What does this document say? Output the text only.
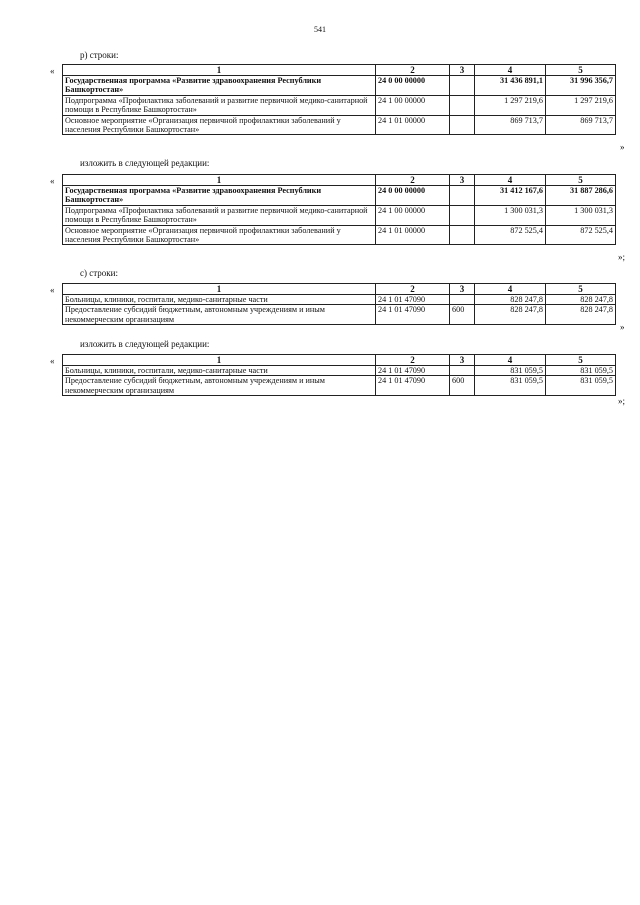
541
р) строки:
«	1	2	3	4	5
Государственная программа «Развитие здравоохранения Республики Башкортостан»	24 0 00 00000		31 436 891,1	31 996 356,7
Подпрограмма «Профилактика заболеваний и развитие первичной медико-санитарной помощи в Республике Башкортостан»	24 1 00 00000		1 297 219,6	1 297 219,6
Основное мероприятие «Организация первичной профилактики заболеваний у населения Республики Башкортостан»	24 1 01 00000		869 713,7	869 713,7
»
изложить в следующей редакции:
«	1	2	3	4	5
Государственная программа «Развитие здравоохранения Республики Башкортостан»	24 0 00 00000		31 412 167,6	31 887 286,6
Подпрограмма «Профилактика заболеваний и развитие первичной медико-санитарной помощи в Республике Башкортостан»	24 1 00 00000		1 300 031,3	1 300 031,3
Основное мероприятие «Организация первичной профилактики заболеваний у населения Республики Башкортостан»	24 1 01 00000		872 525,4	872 525,4
»;
с) строки:
«	1	2	3	4	5
Больницы, клиники, госпитали, медико-санитарные части	24 1 01 47090		828 247,8	828 247,8
Предоставление субсидий бюджетным, автономным учреждениям и иным некоммерческим организациям	24 1 01 47090	600	828 247,8	828 247,8
»
изложить в следующей редакции:
«	1	2	3	4	5
Больницы, клиники, госпитали, медико-санитарные части	24 1 01 47090		831 059,5	831 059,5
Предоставление субсидий бюджетным, автономным учреждениям и иным некоммерческим организациям	24 1 01 47090	600	831 059,5	831 059,5
»;
